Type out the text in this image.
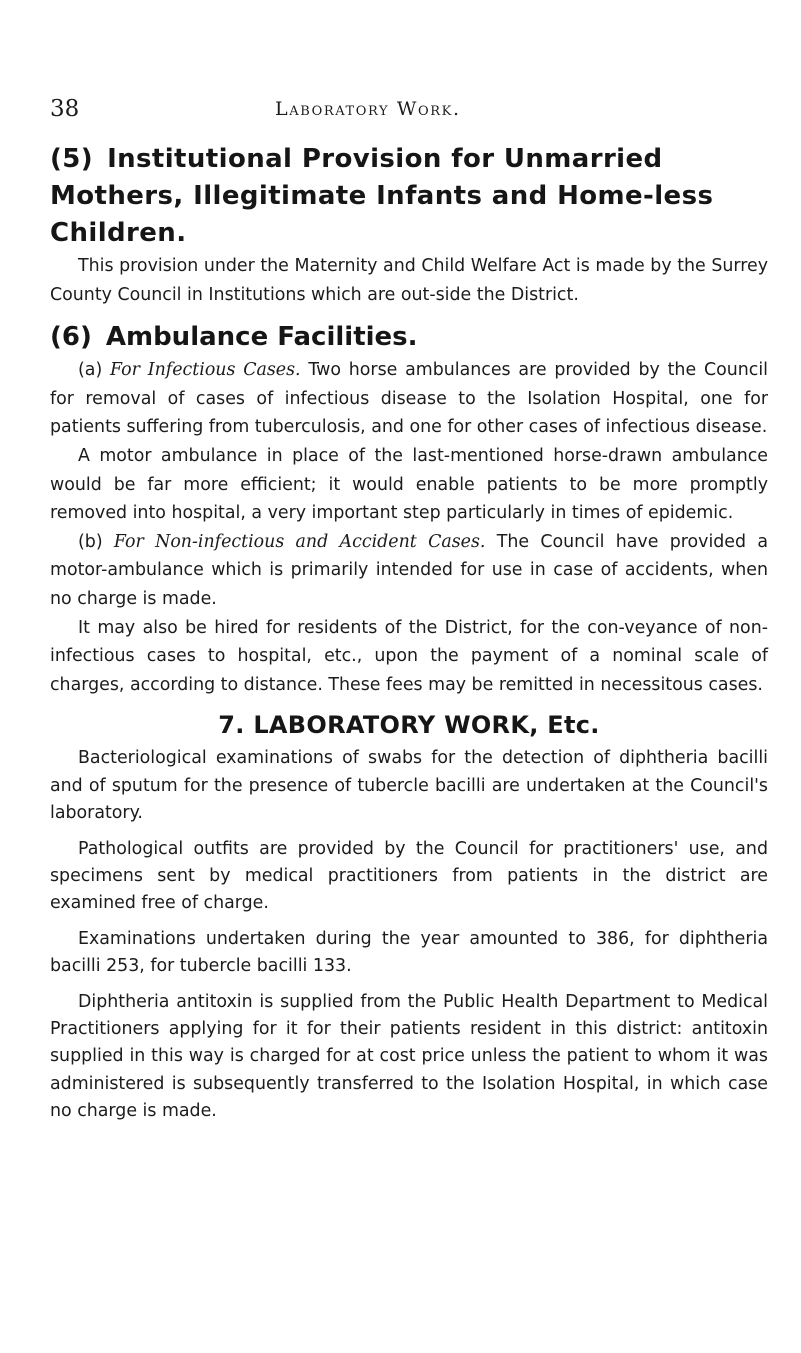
38	Laboratory Work.
(5) Institutional Provision for Unmarried Mothers, Illegitimate Infants and Home-less Children.

This provision under the Maternity and Child Welfare Act is made by the Surrey County Council in Institutions which are out-side the District.

(6) Ambulance Facilities.

(a) For Infectious Cases. Two horse ambulances are provided by the Council for removal of cases of infectious disease to the Isolation Hospital, one for patients suffering from tuberculosis, and one for other cases of infectious disease.

A motor ambulance in place of the last-mentioned horse-drawn ambulance would be far more efficient; it would enable patients to be more promptly removed into hospital, a very important step particularly in times of epidemic.

(b) For Non-infectious and Accident Cases. The Council have provided a motor-ambulance which is primarily intended for use in case of accidents, when no charge is made.

It may also be hired for residents of the District, for the con-veyance of non-infectious cases to hospital, etc., upon the payment of a nominal scale of charges, according to distance. These fees may be remitted in necessitous cases.

7. LABORATORY WORK, Etc.

Bacteriological examinations of swabs for the detection of diphtheria bacilli and of sputum for the presence of tubercle bacilli are undertaken at the Council's laboratory.

Pathological outfits are provided by the Council for practitioners' use, and specimens sent by medical practitioners from patients in the district are examined free of charge.

Examinations undertaken during the year amounted to 386, for diphtheria bacilli 253, for tubercle bacilli 133.

Diphtheria antitoxin is supplied from the Public Health Department to Medical Practitioners applying for it for their patients resident in this district: antitoxin supplied in this way is charged for at cost price unless the patient to whom it was administered is subsequently transferred to the Isolation Hospital, in which case no charge is made.
